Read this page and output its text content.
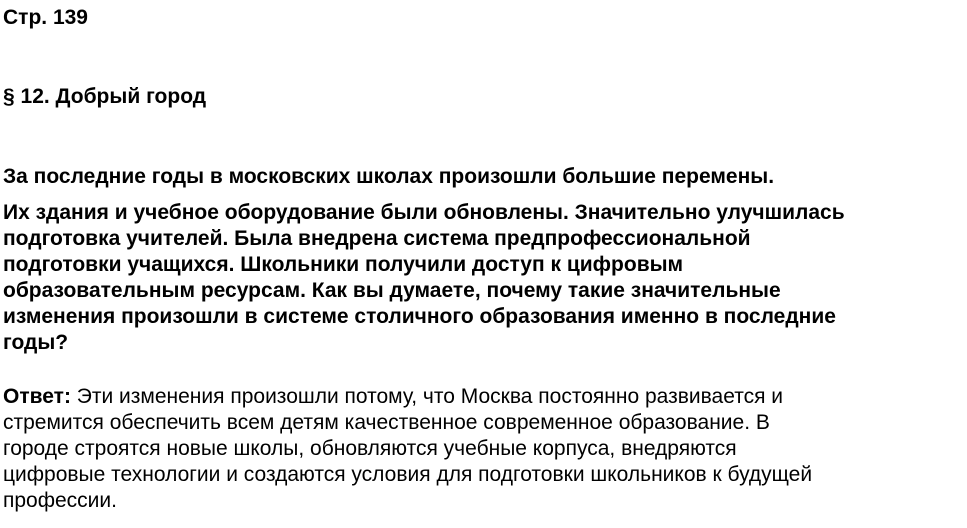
Стр. 139
§ 12. Добрый город

За последние годы в московских школах произошли большие перемены.

Их здания и учебное оборудование были обновлены. Значительно улучшилась

подготовка учителей. Была внедрена система предпрофессиональной

подготовки учащихся. Школьники получили доступ к цифровым

образовательным ресурсам. Как вы думаете, почему такие значительные

изменения произошли в системе столичного образования именно в последние

годы?

Ответ: Эти изменения произошли потому, что Москва постоянно развивается и
стремится обеспечить всем детям качественное современное образование. В
городе строятся новые школы, обновляются учебные корпуса, внедряются
цифровые технологии и создаются условия для подготовки школьников к будущей
профессии.
